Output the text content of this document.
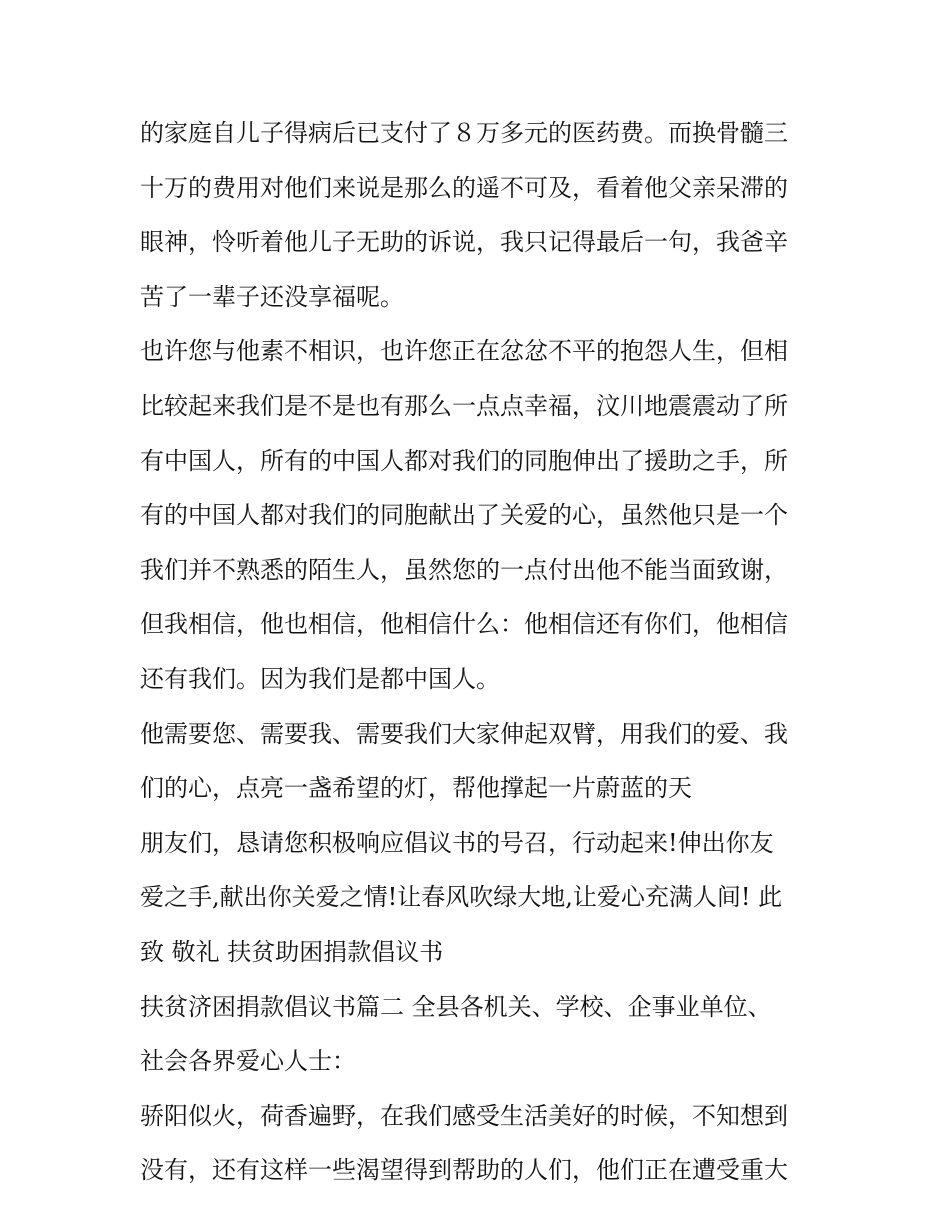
的家庭自儿子得病后已支付了８万多元的医药费。而换骨髓三
十万的费用对他们来说是那么的遥不可及，看着他父亲呆滞的
眼神，怜听着他儿子无助的诉说，我只记得最后一句，我爸辛
苦了一辈子还没享福呢。
也许您与他素不相识，也许您正在忿忿不平的抱怨人生，但相
比较起来我们是不是也有那么一点点幸福，汶川地震震动了所
有中国人，所有的中国人都对我们的同胞伸出了援助之手，所
有的中国人都对我们的同胞献出了关爱的心，虽然他只是一个
我们并不熟悉的陌生人，虽然您的一点付出他不能当面致谢，
但我相信，他也相信，他相信什么：他相信还有你们，他相信
还有我们。因为我们是都中国人。
他需要您、需要我、需要我们大家伸起双臂，用我们的爱、我
们的心，点亮一盏希望的灯，帮他撑起一片蔚蓝的天
朋友们，恳请您积极响应倡议书的号召，行动起来!伸出你友
爱之手,献出你关爱之情!让春风吹绿大地,让爱心充满人间! 此
致 敬礼 扶贫助困捐款倡议书
扶贫济困捐款倡议书篇二 全县各机关、学校、企事业单位、
社会各界爱心人士：
骄阳似火，荷香遍野，在我们感受生活美好的时候，不知想到
没有，还有这样一些渴望得到帮助的人们，他们正在遭受重大
